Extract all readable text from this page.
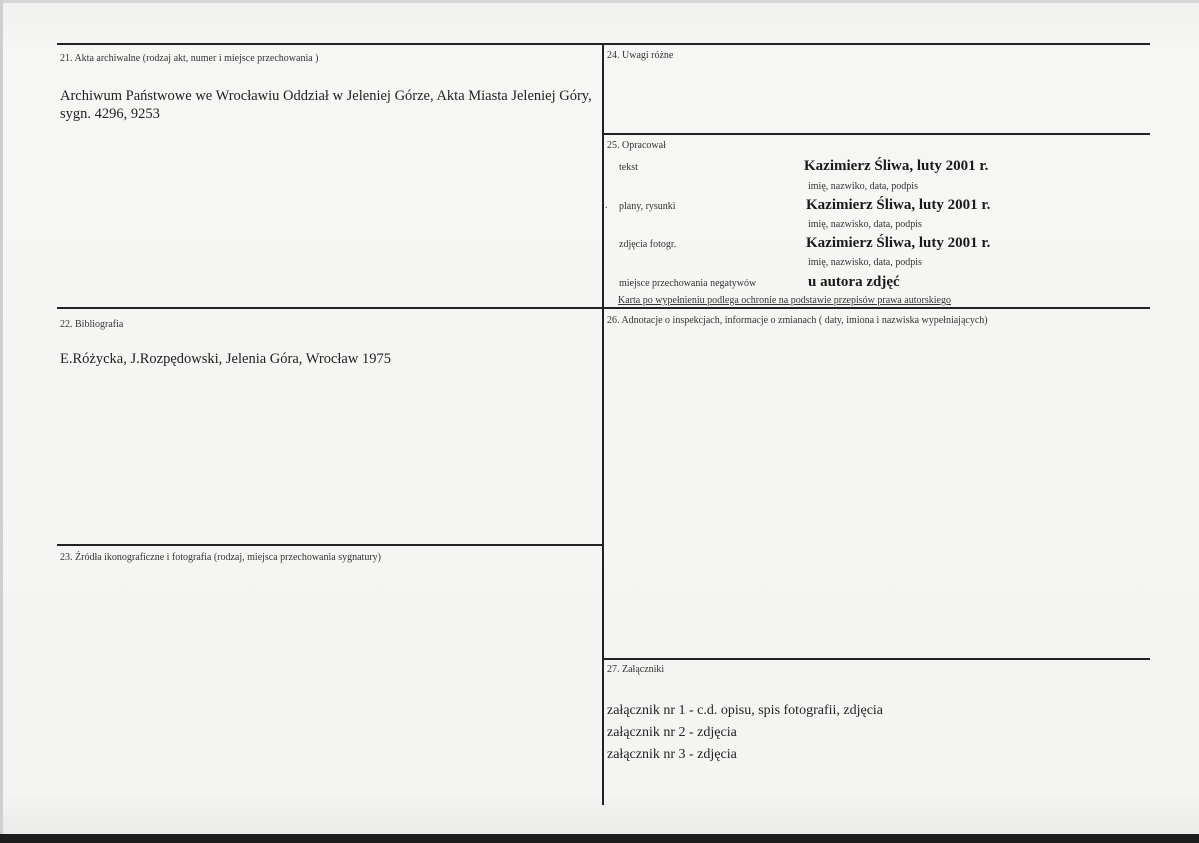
21. Akta archiwalne (rodzaj akt, numer i miejsce przechowania )
Archiwum Państwowe we Wrocławiu Oddział w Jeleniej Górze, Akta Miasta Jeleniej Góry,
sygn. 4296, 9253
22. Bibliografia
E.Różycka, J.Rozpędowski, Jelenia Góra, Wrocław 1975
23. Źródła ikonograficzne i fotografia (rodzaj, miejsca przechowania sygnatury)
24. Uwagi różne
25. Opracował
tekst	Kazimierz Śliwa, luty 2001 r.
imię, nazwiko, data, podpis
. plany, rysunki	Kazimierz Śliwa, luty 2001 r.
imię, nazwisko, data, podpis
zdjęcia fotogr.	Kazimierz Śliwa, luty 2001 r.
imię, nazwisko, data, podpis
miejsce przechowania negatywów	u autora zdjęć
Karta po wypełnieniu podlega ochronie na podstawie przepisów prawa autorskiego
26. Adnotacje o inspekcjach, informacje o zmianach ( daty, imiona i nazwiska wypełniających)
27. Załączniki
załącznik nr 1 - c.d. opisu, spis fotografii, zdjęcia
załącznik nr 2 - zdjęcia
załącznik nr 3 - zdjęcia
